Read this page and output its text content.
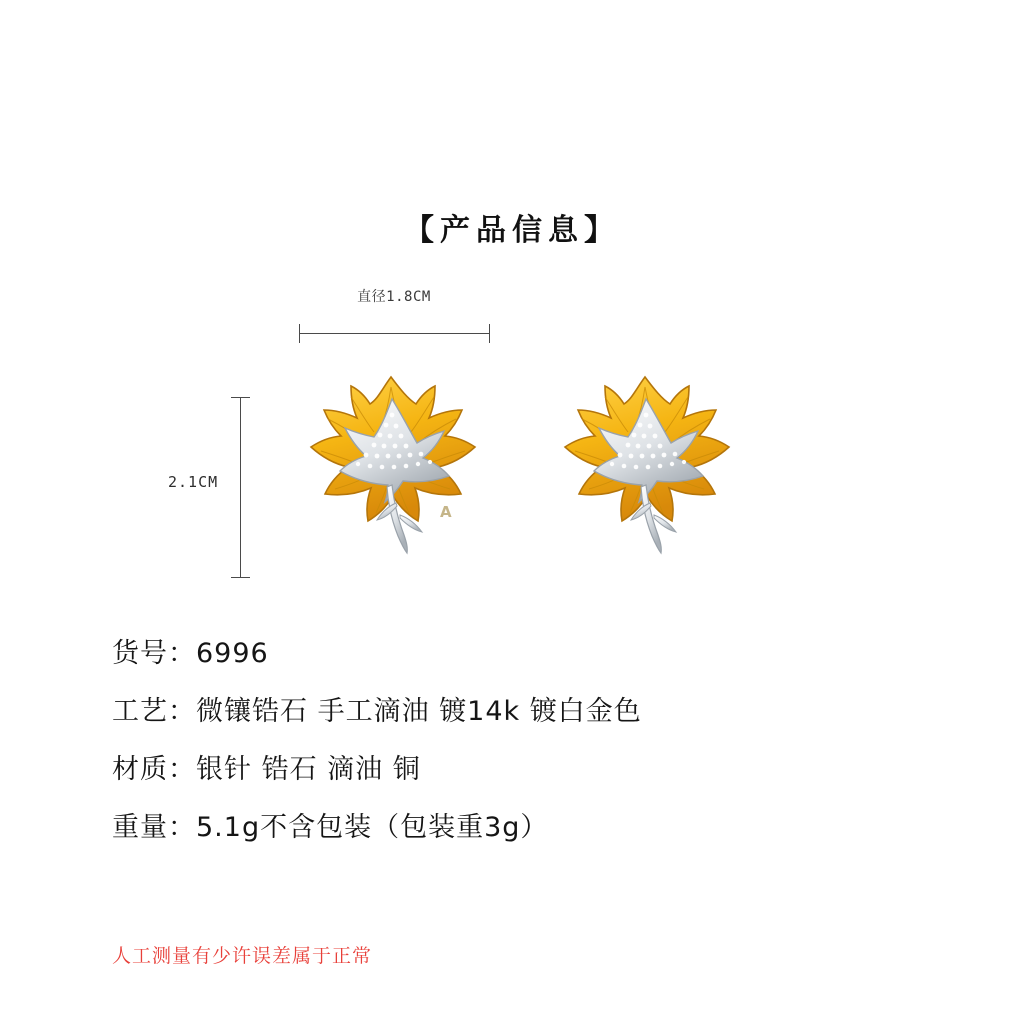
【产品信息】
直径1.8CM
2.1CM
A
货号：6996
工艺：微镶锆石 手工滴油 镀14k 镀白金色
材质：银针 锆石 滴油 铜
重量：5.1g不含包装（包装重3g）
人工测量有少许误差属于正常
